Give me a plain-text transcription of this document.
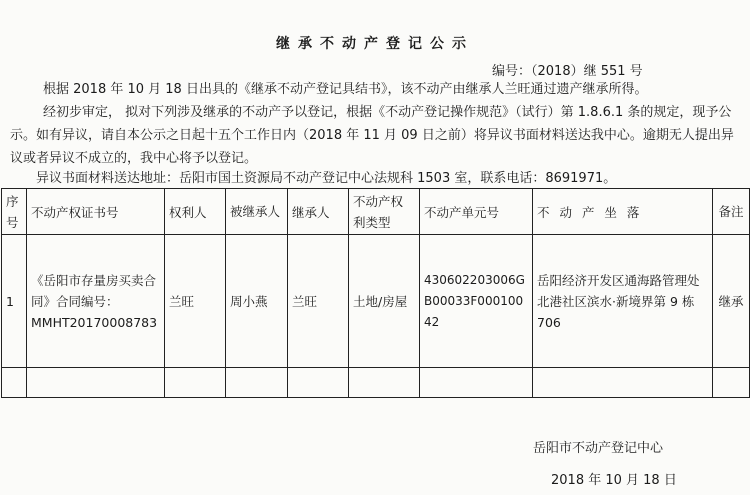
继承不动产登记公示
编号：（2018）继 551 号
根据 2018 年 10 月 18 日出具的《继承不动产登记具结书》，该不动产由继承人兰旺通过遗产继承所得。
经初步审定， 拟对下列涉及继承的不动产予以登记，根据《不动产登记操作规范》（试行）第 1.8.6.1 条的规定，现予公示。如有异议，请自本公示之日起十五个工作日内（2018 年 11 月 09 日之前）将异议书面材料送达我中心。逾期无人提出异议或者异议不成立的，我中心将予以登记。
异议书面材料送达地址：岳阳市国土资源局不动产登记中心法规科 1503 室，联系电话：8691971。
序号	不动产权证书号	权利人	被继承人	继承人	不动产权利类型	不动产单元号	不 动 产 坐 落	备注
1	《岳阳市存量房买卖合同》合同编号：MMHT20170008783	兰旺	周小燕	兰旺	土地/房屋	430602203006GB00033F00010042	岳阳经济开发区通海路管理处北港社区滨水·新境界第 9 栋 706	继承

岳阳市不动产登记中心
2018 年 10 月 18 日
